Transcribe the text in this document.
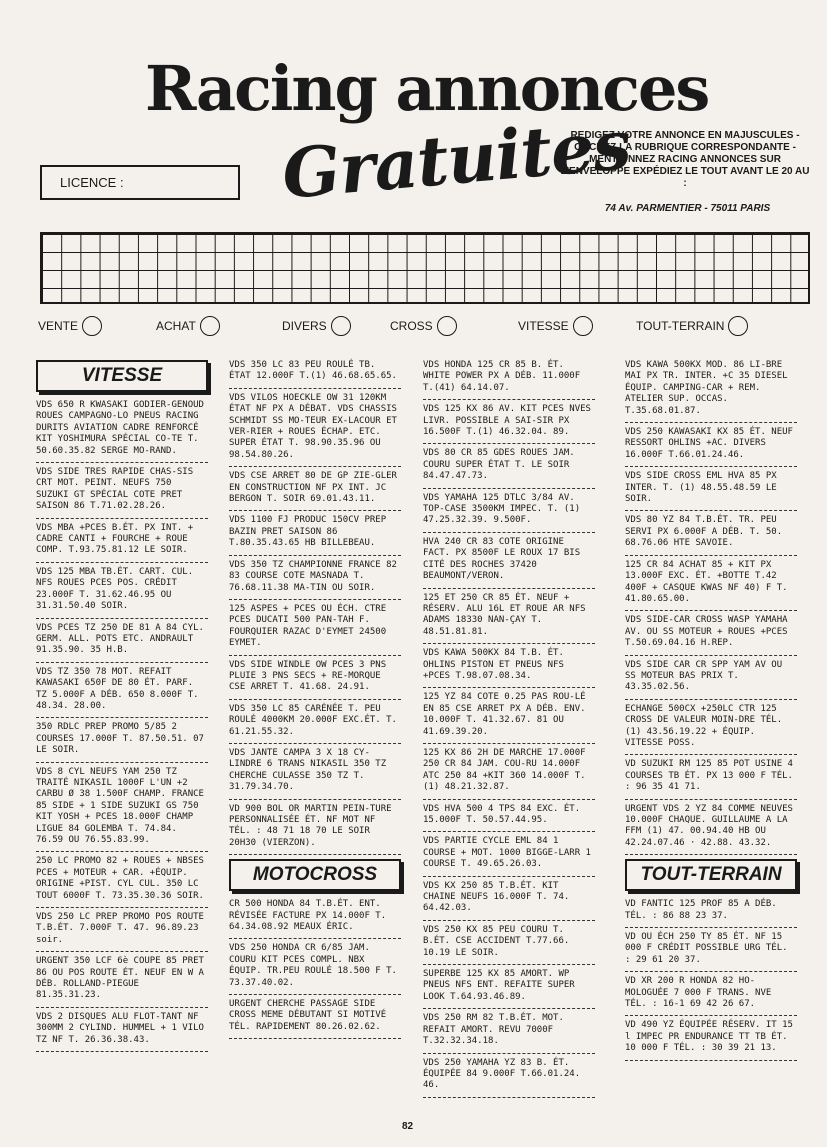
Racing annonces
Gratuites
LICENCE :
REDIGEZ VOTRE ANNONCE EN MAJUSCULES - COCHEZ LA RUBRIQUE CORRESPONDANTE - MENTIONNEZ RACING ANNONCES SUR L'ENVELOPPE EXPÉDIEZ LE TOUT AVANT LE 20 AU :
74 Av. PARMENTIER - 75011 PARIS
VENTE	ACHAT	DIVERS	CROSS	VITESSE	TOUT-TERRAIN
VITESSE
VDS 650 R KWASAKI GODIER-GENOUD ROUES CAMPAGNO-LO PNEUS RACING DURITS AVIATION CADRE RENFORCÉ KIT YOSHIMURA SPÉCIAL CO-TE T. 50.60.35.82 SERGE MO-RAND.
VDS SIDE TRES RAPIDE CHAS-SIS CRT MOT. PEINT. NEUFS 750 SUZUKI GT SPÉCIAL COTE PRET SAISON 86 T.71.02.28.26.
VDS MBA +PCES B.ÉT. PX INT. + CADRE CANTI + FOURCHE + ROUE COMP. T.93.75.81.12 LE SOIR.
VDS 125 MBA TB.ÉT. CART. CUL. NFS ROUES PCES POS. CRÉDIT 23.000F T. 31.62.46.95 OU 31.31.50.40 SOIR.
VDS PCES TZ 250 DE 81 A 84 CYL. GERM. ALL. POTS ETC. ANDRAULT 91.35.90. 35 H.B.
VDS TZ 350 78 MOT. REFAIT KAWASAKI 650F DE 80 ÉT. PARF. TZ 5.000F A DÉB. 650 8.000F T. 48.34. 28.00.
350 RDLC PREP PROMO 5/85 2 COURSES 17.000F T. 87.50.51. 07 LE SOIR.
VDS 8 CYL NEUFS YAM 250 TZ TRAITÉ NIKASIL 1000F L'UN +2 CARBU Ø 38 1.500F CHAMP. FRANCE 85 SIDE + 1 SIDE SUZUKI GS 750 KIT YOSH + PCES 18.000F CHAMP LIGUE 84 GOLEMBA T. 74.84. 76.59 OU 76.55.83.99.
250 LC PROMO 82 + ROUES + NBSES PCES + MOTEUR + CAR. +ÉQUIP. ORIGINE +PIST. CYL CUL. 350 LC TOUT 6000F T. 73.35.30.36 SOIR.
VDS 250 LC PREP PROMO POS ROUTE T.B.ÉT. 7.000F T. 47. 96.89.23 soir.
URGENT 350 LCF 6è COUPE 85 PRET 86 OU POS ROUTE ÉT. NEUF EN W A DÉB. ROLLAND-PIEGUE 81.35.31.23.
VDS 2 DISQUES ALU FLOT-TANT NF 300MM 2 CYLIND. HUMMEL + 1 VILO TZ NF T. 26.36.38.43.
VDS 350 LC 83 PEU ROULÉ TB. ÉTAT 12.000F T.(1) 46.68.65.65.
VDS VILOS HOECKLE OW 31 120KM ÉTAT NF PX A DÉBAT. VDS CHASSIS SCHMIDT SS MO-TEUR EX-LACOUR ET VER-RIER + ROUES ÉCHAP. ETC. SUPER ÉTAT T. 98.90.35.96 OU 98.54.80.26.
VDS CSE ARRET 80 DE GP ZIE-GLER EN CONSTRUCTION NF PX INT. JC BERGON T. SOIR 69.01.43.11.
VDS 1100 FJ PRODUC 150CV PREP BAZIN PRET SAISON 86 T.80.35.43.65 HB BILLEBEAU.
VDS 350 TZ CHAMPIONNE FRANCE 82 83 COURSE COTE MASNADA T. 76.68.11.38 MA-TIN OU SOIR.
125 ASPES + PCES OU ÉCH. CTRE PCES DUCATI 500 PAN-TAH F. FOURQUIER RAZAC D'EYMET 24500 EYMET.
VDS SIDE WINDLE OW PCES 3 PNS PLUIE 3 PNS SECS + RE-MORQUE CSE ARRET T. 41.68. 24.91.
VDS 350 LC 85 CARÉNÉE T. PEU ROULÉ 4000KM 20.000F EXC.ÉT. T. 61.21.55.32.
VDS JANTE CAMPA 3 X 18 CY-LINDRE 6 TRANS NIKASIL 350 TZ CHERCHE CULASSE 350 TZ T. 31.79.34.70.
VD 900 BOL OR MARTIN PEIN-TURE PERSONNALISÉE ÉT. NF MOT NF TÉL. : 48 71 18 70 LE SOIR 20H30 (VIERZON).
MOTOCROSS
CR 500 HONDA 84 T.B.ÉT. ENT. RÉVISÉE FACTURE PX 14.000F T. 64.34.08.92 MEAUX ÉRIC.
VDS 250 HONDA CR 6/85 JAM. COURU KIT PCES COMPL. NBX ÉQUIP. TR.PEU ROULÉ 18.500 F T. 73.37.40.02.
URGENT CHERCHE PASSAGE SIDE CROSS MEME DÉBUTANT SI MOTIVÉ TÉL. RAPIDEMENT 80.26.02.62.
VDS HONDA 125 CR 85 B. ÉT. WHITE POWER PX A DÉB. 11.000F T.(41) 64.14.07.
VDS 125 KX 86 AV. KIT PCES NVES LIVR. POSSIBLE A SAI-SIR PX 16.500F T.(1) 46.32.04. 89.
VDS 80 CR 85 GDES ROUES JAM. COURU SUPER ÉTAT T. LE SOIR 84.47.47.73.
VDS YAMAHA 125 DTLC 3/84 AV. TOP-CASE 3500KM IMPEC. T. (1) 47.25.32.39. 9.500F.
HVA 240 CR 83 COTE ORIGINE FACT. PX 8500F LE ROUX 17 BIS CITÉ DES ROCHES 37420 BEAUMONT/VERON.
125 ET 250 CR 85 ÉT. NEUF + RÉSERV. ALU 16L ET ROUE AR NFS ADAMS 18330 NAN-ÇAY T. 48.51.81.81.
VDS KAWA 500KX 84 T.B. ÉT. OHLINS PISTON ET PNEUS NFS +PCES T.98.07.08.34.
125 YZ 84 COTE 0.25 PAS ROU-LÉ EN 85 CSE ARRET PX A DÉB. ENV. 10.000F T. 41.32.67. 81 OU 41.69.39.20.
125 KX 86 2H DE MARCHE 17.000F 250 CR 84 JAM. COU-RU 14.000F ATC 250 84 +KIT 360 14.000F T.(1) 48.21.32.87.
VDS HVA 500 4 TPS 84 EXC. ÉT. 15.000F T. 50.57.44.95.
VDS PARTIE CYCLE EML 84 1 COURSE + MOT. 1000 BIGGE-LARR 1 COURSE T. 49.65.26.03.
VDS KX 250 85 T.B.ÉT. KIT CHAINE NEUFS 16.000F T. 74. 64.42.03.
VDS 250 KX 85 PEU COURU T. B.ÉT. CSE ACCIDENT T.77.66. 10.19 LE SOIR.
SUPERBE 125 KX 85 AMORT. WP PNEUS NFS ENT. REFAITE SUPER LOOK T.64.93.46.89.
VDS 250 RM 82 T.B.ÉT. MOT. REFAIT AMORT. REVU 7000F T.32.32.34.18.
VDS 250 YAMAHA YZ 83 B. ÉT. ÉQUIPÉE 84 9.000F T.66.01.24. 46.
VDS KAWA 500KX MOD. 86 LI-BRE MAI PX TR. INTER. +C 35 DIESEL ÉQUIP. CAMPING-CAR + REM. ATELIER SUP. OCCAS. T.35.68.01.87.
VDS 250 KAWASAKI KX 85 ÉT. NEUF RESSORT OHLINS +AC. DIVERS 16.000F T.66.01.24.46.
VDS SIDE CROSS EML HVA 85 PX INTER. T. (1) 48.55.48.59 LE SOIR.
VDS 80 YZ 84 T.B.ÉT. TR. PEU SERVI PX 6.000F A DÉB. T. 50. 68.76.06 HTE SAVOIE.
125 CR 84 ACHAT 85 + KIT PX 13.000F EXC. ÉT. +BOTTE T.42 400F + CASQUE KWAS NF 40) F T. 41.80.65.00.
VDS SIDE-CAR CROSS WASP YAMAHA AV. OU SS MOTEUR + ROUES +PCES T.50.69.04.16 H.REP.
VDS SIDE CAR CR SPP YAM AV OU SS MOTEUR BAS PRIX T. 43.35.02.56.
ECHANGE 500CX +250LC CTR 125 CROSS DE VALEUR MOIN-DRE TÉL.(1) 43.56.19.22 + ÉQUIP. VITESSE POSS.
VD SUZUKI RM 125 85 POT USINE 4 COURSES TB ÉT. PX 13 000 F TÉL. : 96 35 41 71.
URGENT VDS 2 YZ 84 COMME NEUVES 10.000F CHAQUE. GUILLAUME A LA FFM (1) 47. 00.94.40 HB OU 42.24.07.46 · 42.88. 43.32.
TOUT-TERRAIN
VD FANTIC 125 PROF 85 A DÉB. TÉL. : 86 88 23 37.
VD OU ÉCH 250 TY 85 ÉT. NF 15 000 F CRÉDIT POSSIBLE URG TÉL. : 29 61 20 37.
VD XR 200 R HONDA 82 HO-MOLOGUÉE 7 000 F TRANS. NVE TÉL. : 16-1 69 42 26 67.
VD 490 YZ ÉQUIPÉE RÉSERV. IT 15 l IMPEC PR ENDURANCE TT TB ÉT. 10 000 F TÉL. : 30 39 21 13.
82
